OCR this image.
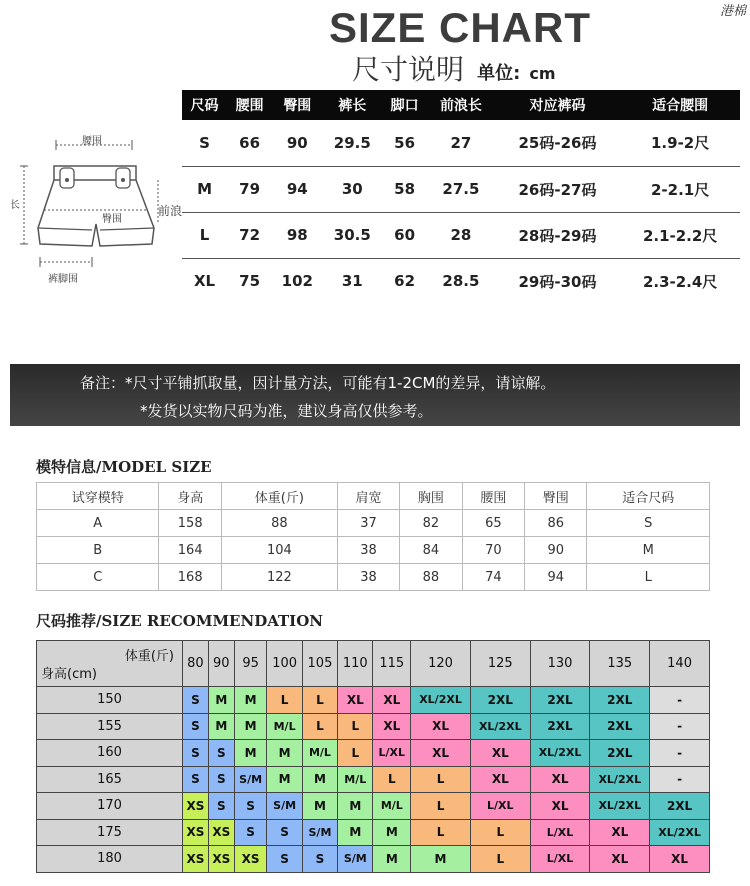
港棉
SIZE CHART
尺寸说明 单位: cm
腰围
长
臀围
前浪
裤脚围
尺码	腰围	臀围	裤长	脚口	前浪长	对应裤码	适合腰围
S	66	90	29.5	56	27	25码-26码	1.9-2尺
M	79	94	30	58	27.5	26码-27码	2-2.1尺
L	72	98	30.5	60	28	28码-29码	2.1-2.2尺
XL	75	102	31	62	28.5	29码-30码	2.3-2.4尺
备注：*尺寸平铺抓取量，因计量方法，可能有1-2CM的差异，请谅解。
*发货以实物尺码为准，建议身高仅供参考。
模特信息/MODEL SIZE
试穿模特	身高	体重(斤)	肩宽	胸围	腰围	臀围	适合尺码
A	158	88	37	82	65	86	S
B	164	104	38	84	70	90	M
C	168	122	38	88	74	94	L
尺码推荐/SIZE RECOMMENDATION
体重(斤)
身高(cm)	80	90	95	100	105	110	115	120	125	130	135	140
150	S	M	M	L	L	XL	XL	XL/2XL	2XL	2XL	2XL	-
155	S	M	M	M/L	L	L	XL	XL	XL/2XL	2XL	2XL	-
160	S	S	M	M	M/L	L	L/XL	XL	XL	XL/2XL	2XL	-
165	S	S	S/M	M	M	M/L	L	L	XL	XL	XL/2XL	-
170	XS	S	S	S/M	M	M	M/L	L	L/XL	XL	XL/2XL	2XL
175	XS	XS	S	S	S/M	M	M	L	L	L/XL	XL	XL/2XL
180	XS	XS	XS	S	S	S/M	M	M	L	L/XL	XL	XL
